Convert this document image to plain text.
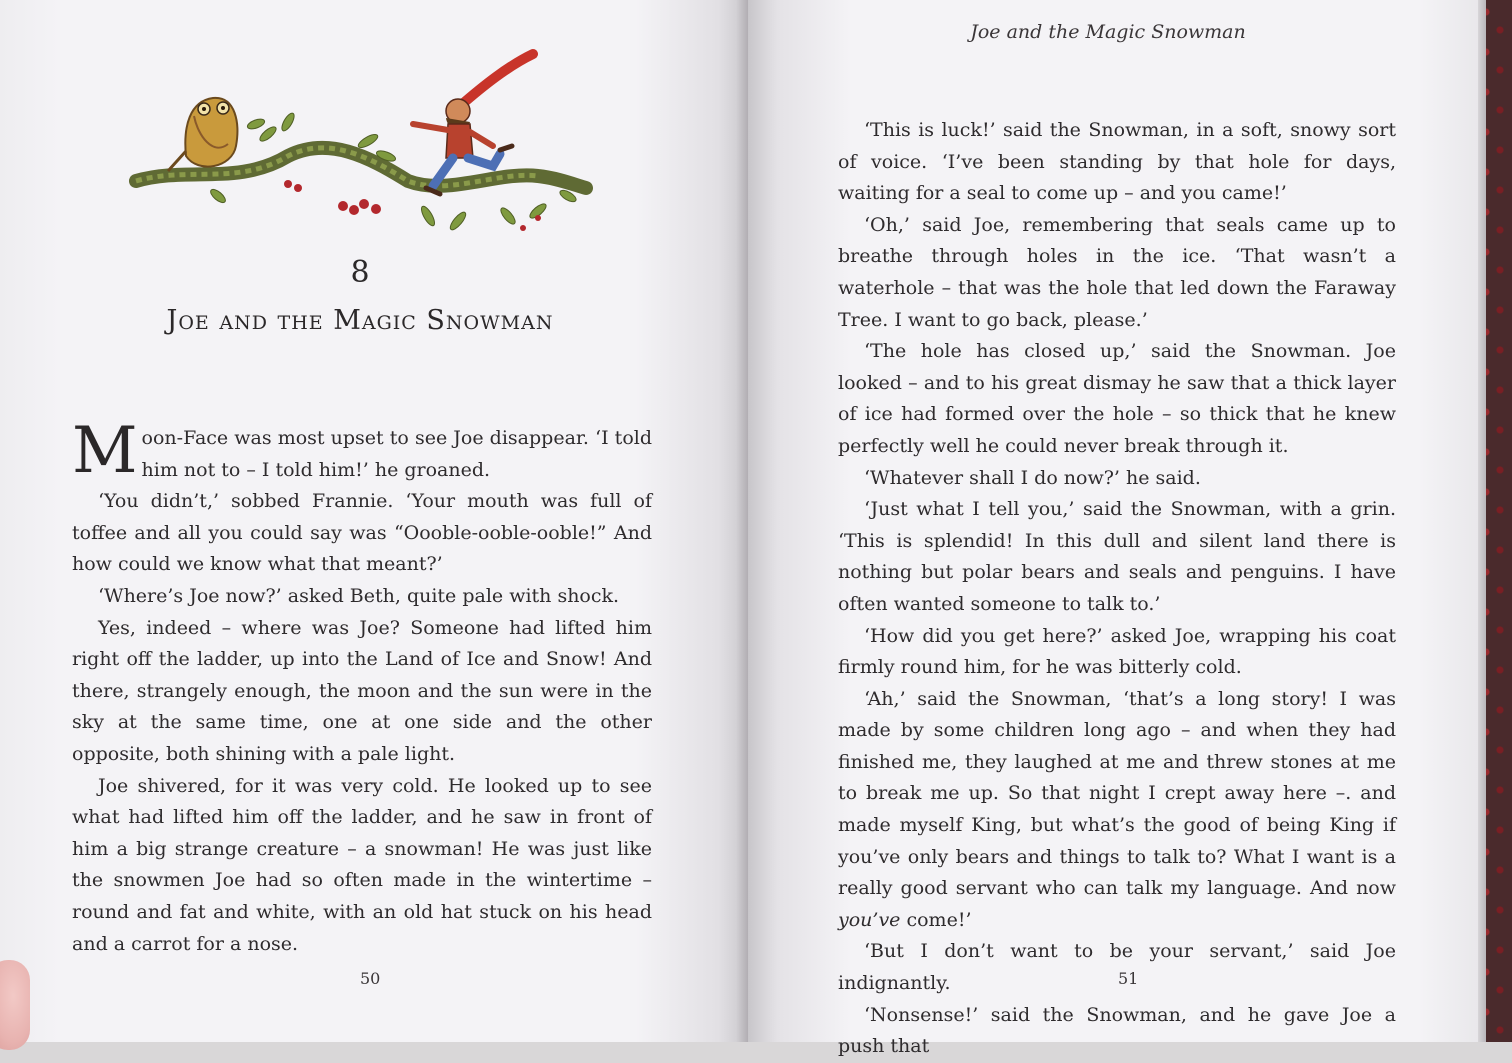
8
Joe and the Magic Snowman

Moon-Face was most upset to see Joe disappear. ‘I told him not to – I told him!’ he groaned.

‘You didn’t,’ sobbed Frannie. ‘Your mouth was full of toffee and all you could say was “Oooble-ooble-ooble!” And how could we know what that meant?’

‘Where’s Joe now?’ asked Beth, quite pale with shock.

Yes, indeed – where was Joe? Someone had lifted him right off the ladder, up into the Land of Ice and Snow! And there, strangely enough, the moon and the sun were in the sky at the same time, one at one side and the other opposite, both shining with a pale light.

Joe shivered, for it was very cold. He looked up to see what had lifted him off the ladder, and he saw in front of him a big strange creature – a snowman! He was just like the snowmen Joe had so often made in the wintertime – round and fat and white, with an old hat stuck on his head and a carrot for a nose.

50
Joe and the Magic Snowman

‘This is luck!’ said the Snowman, in a soft, snowy sort of voice. ‘I’ve been standing by that hole for days, waiting for a seal to come up – and you came!’

‘Oh,’ said Joe, remembering that seals came up to breathe through holes in the ice. ‘That wasn’t a waterhole – that was the hole that led down the Faraway Tree. I want to go back, please.’

‘The hole has closed up,’ said the Snowman. Joe looked – and to his great dismay he saw that a thick layer of ice had formed over the hole – so thick that he knew perfectly well he could never break through it.

‘Whatever shall I do now?’ he said.

‘Just what I tell you,’ said the Snowman, with a grin. ‘This is splendid! In this dull and silent land there is nothing but polar bears and seals and penguins. I have often wanted someone to talk to.’

‘How did you get here?’ asked Joe, wrapping his coat firmly round him, for he was bitterly cold.

‘Ah,’ said the Snowman, ‘that’s a long story! I was made by some children long ago – and when they had finished me, they laughed at me and threw stones at me to break me up. So that night I crept away here –. and made myself King, but what’s the good of being King if you’ve only bears and things to talk to? What I want is a really good servant who can talk my language. And now you’ve come!’

‘But I don’t want to be your servant,’ said Joe indignantly.

‘Nonsense!’ said the Snowman, and he gave Joe a push that

51
